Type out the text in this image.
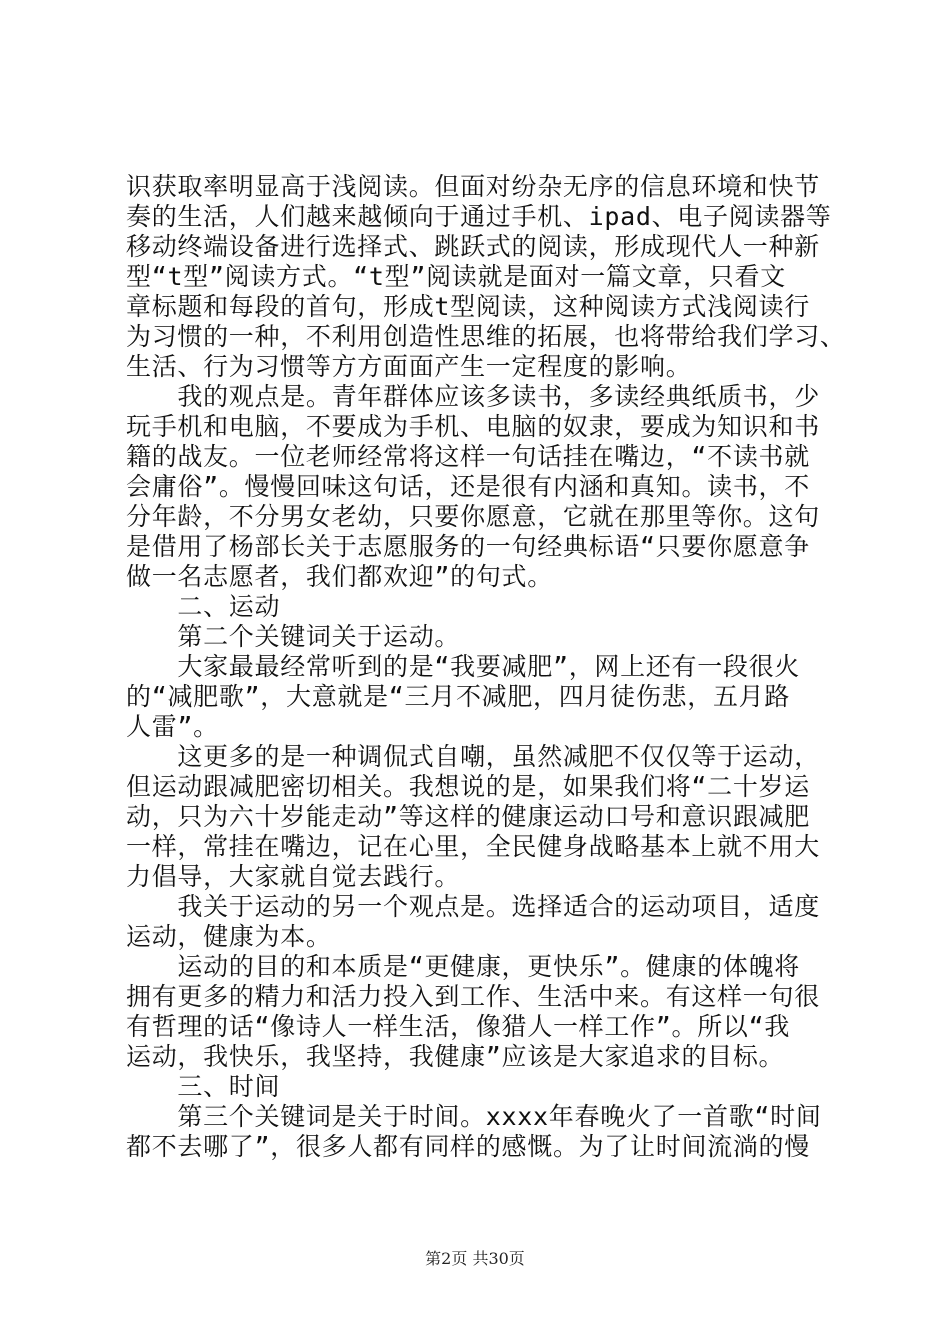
识获取率明显高于浅阅读。但面对纷杂无序的信息环境和快节
奏的生活，人们越来越倾向于通过手机、ipad、电子阅读器等
移动终端设备进行选择式、跳跃式的阅读，形成现代人一种新
型“t型”阅读方式。“t型”阅读就是面对一篇文章，只看文
章标题和每段的首句，形成t型阅读，这种阅读方式浅阅读行
为习惯的一种，不利用创造性思维的拓展，也将带给我们学习、
生活、行为习惯等方方面面产生一定程度的影响。
　　我的观点是。青年群体应该多读书，多读经典纸质书，少
玩手机和电脑，不要成为手机、电脑的奴隶，要成为知识和书
籍的战友。一位老师经常将这样一句话挂在嘴边，“不读书就
会庸俗”。慢慢回味这句话，还是很有内涵和真知。读书，不
分年龄，不分男女老幼，只要你愿意，它就在那里等你。这句
是借用了杨部长关于志愿服务的一句经典标语“只要你愿意争
做一名志愿者，我们都欢迎”的句式。
　　二、运动
　　第二个关键词关于运动。
　　大家最最经常听到的是“我要减肥”，网上还有一段很火
的“减肥歌”，大意就是“三月不减肥，四月徒伤悲，五月路
人雷”。
　　这更多的是一种调侃式自嘲，虽然减肥不仅仅等于运动，
但运动跟减肥密切相关。我想说的是，如果我们将“二十岁运
动，只为六十岁能走动”等这样的健康运动口号和意识跟减肥
一样，常挂在嘴边，记在心里，全民健身战略基本上就不用大
力倡导，大家就自觉去践行。
　　我关于运动的另一个观点是。选择适合的运动项目，适度
运动，健康为本。
　　运动的目的和本质是“更健康，更快乐”。健康的体魄将
拥有更多的精力和活力投入到工作、生活中来。有这样一句很
有哲理的话“像诗人一样生活，像猎人一样工作”。所以“我
运动，我快乐，我坚持，我健康”应该是大家追求的目标。
　　三、时间
　　第三个关键词是关于时间。xxxx年春晚火了一首歌“时间
都不去哪了”，很多人都有同样的感慨。为了让时间流淌的慢
第2页 共30页
